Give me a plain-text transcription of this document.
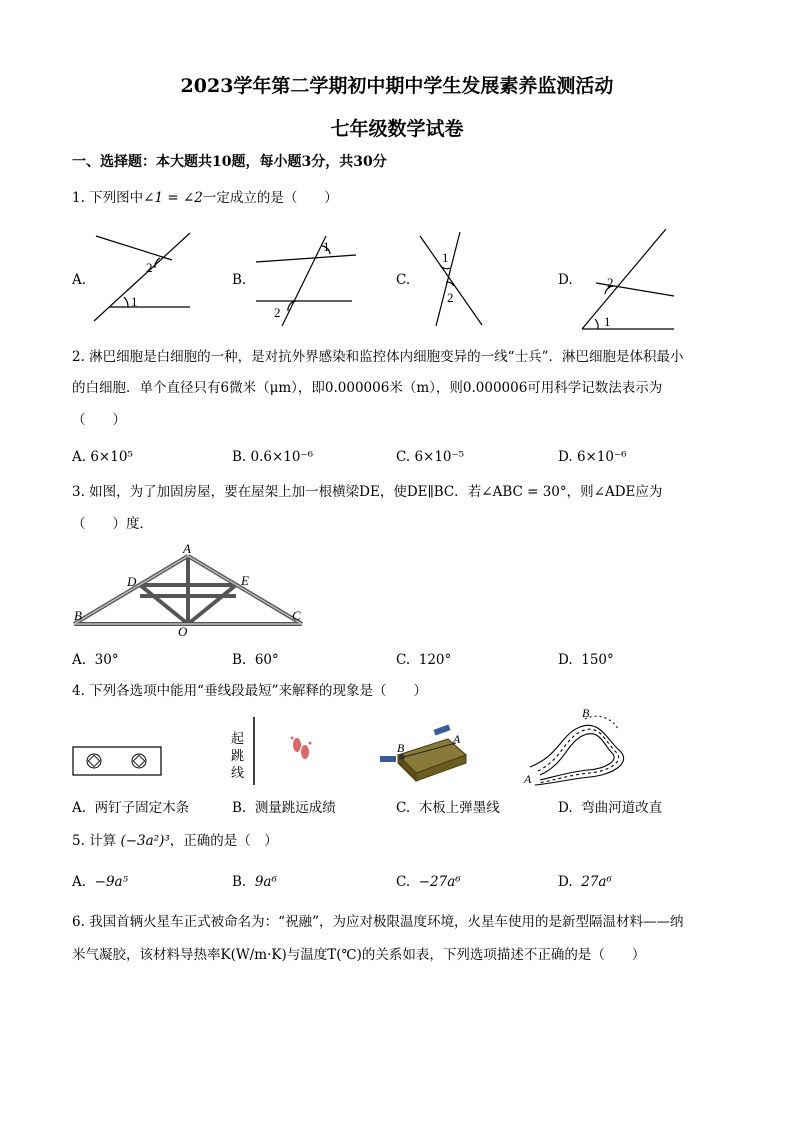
2023学年第二学期初中期中学生发展素养监测活动
七年级数学试卷
一、选择题：本大题共10题，每小题3分，共30分
1. 下列图中∠1 = ∠2一定成立的是（　　）
A.	B.	C.	D.
1
2
1
2
1
2
1
2
2. 淋巴细胞是白细胞的一种，是对抗外界感染和监控体内细胞变异的一线“士兵”．淋巴细胞是体积最小
的白细胞．单个直径只有6微米（μm），即0.000006米（m），则0.000006可用科学记数法表示为
（　　）
A. 6×10⁵	B. 0.6×10⁻⁶	C. 6×10⁻⁵	D. 6×10⁻⁶
3. 如图，为了加固房屋，要在屋架上加一根横梁DE，使DE∥BC．若∠ABC = 30°，则∠ADE应为
（　　）度．
A
B	C
D	E
O
A. 30°	B. 60°	C. 120°	D. 150°
4. 下列各选项中能用“垂线段最短”来解释的现象是（　　）
起
跳
线
B
A
B
A
A. 两钉子固定木条	B. 测量跳远成绩	C. 木板上弹墨线	D. 弯曲河道改直
5. 计算 (−3a²)³，正确的是（　）
A. −9a⁵	B. 9a⁶	C. −27a⁶	D. 27a⁶
6. 我国首辆火星车正式被命名为：“祝融”，为应对极限温度环境，火星车使用的是新型隔温材料——纳
米气凝胶，该材料导热率K(W/m·K)与温度T(℃)的关系如表，下列选项描述不正确的是（　　）
